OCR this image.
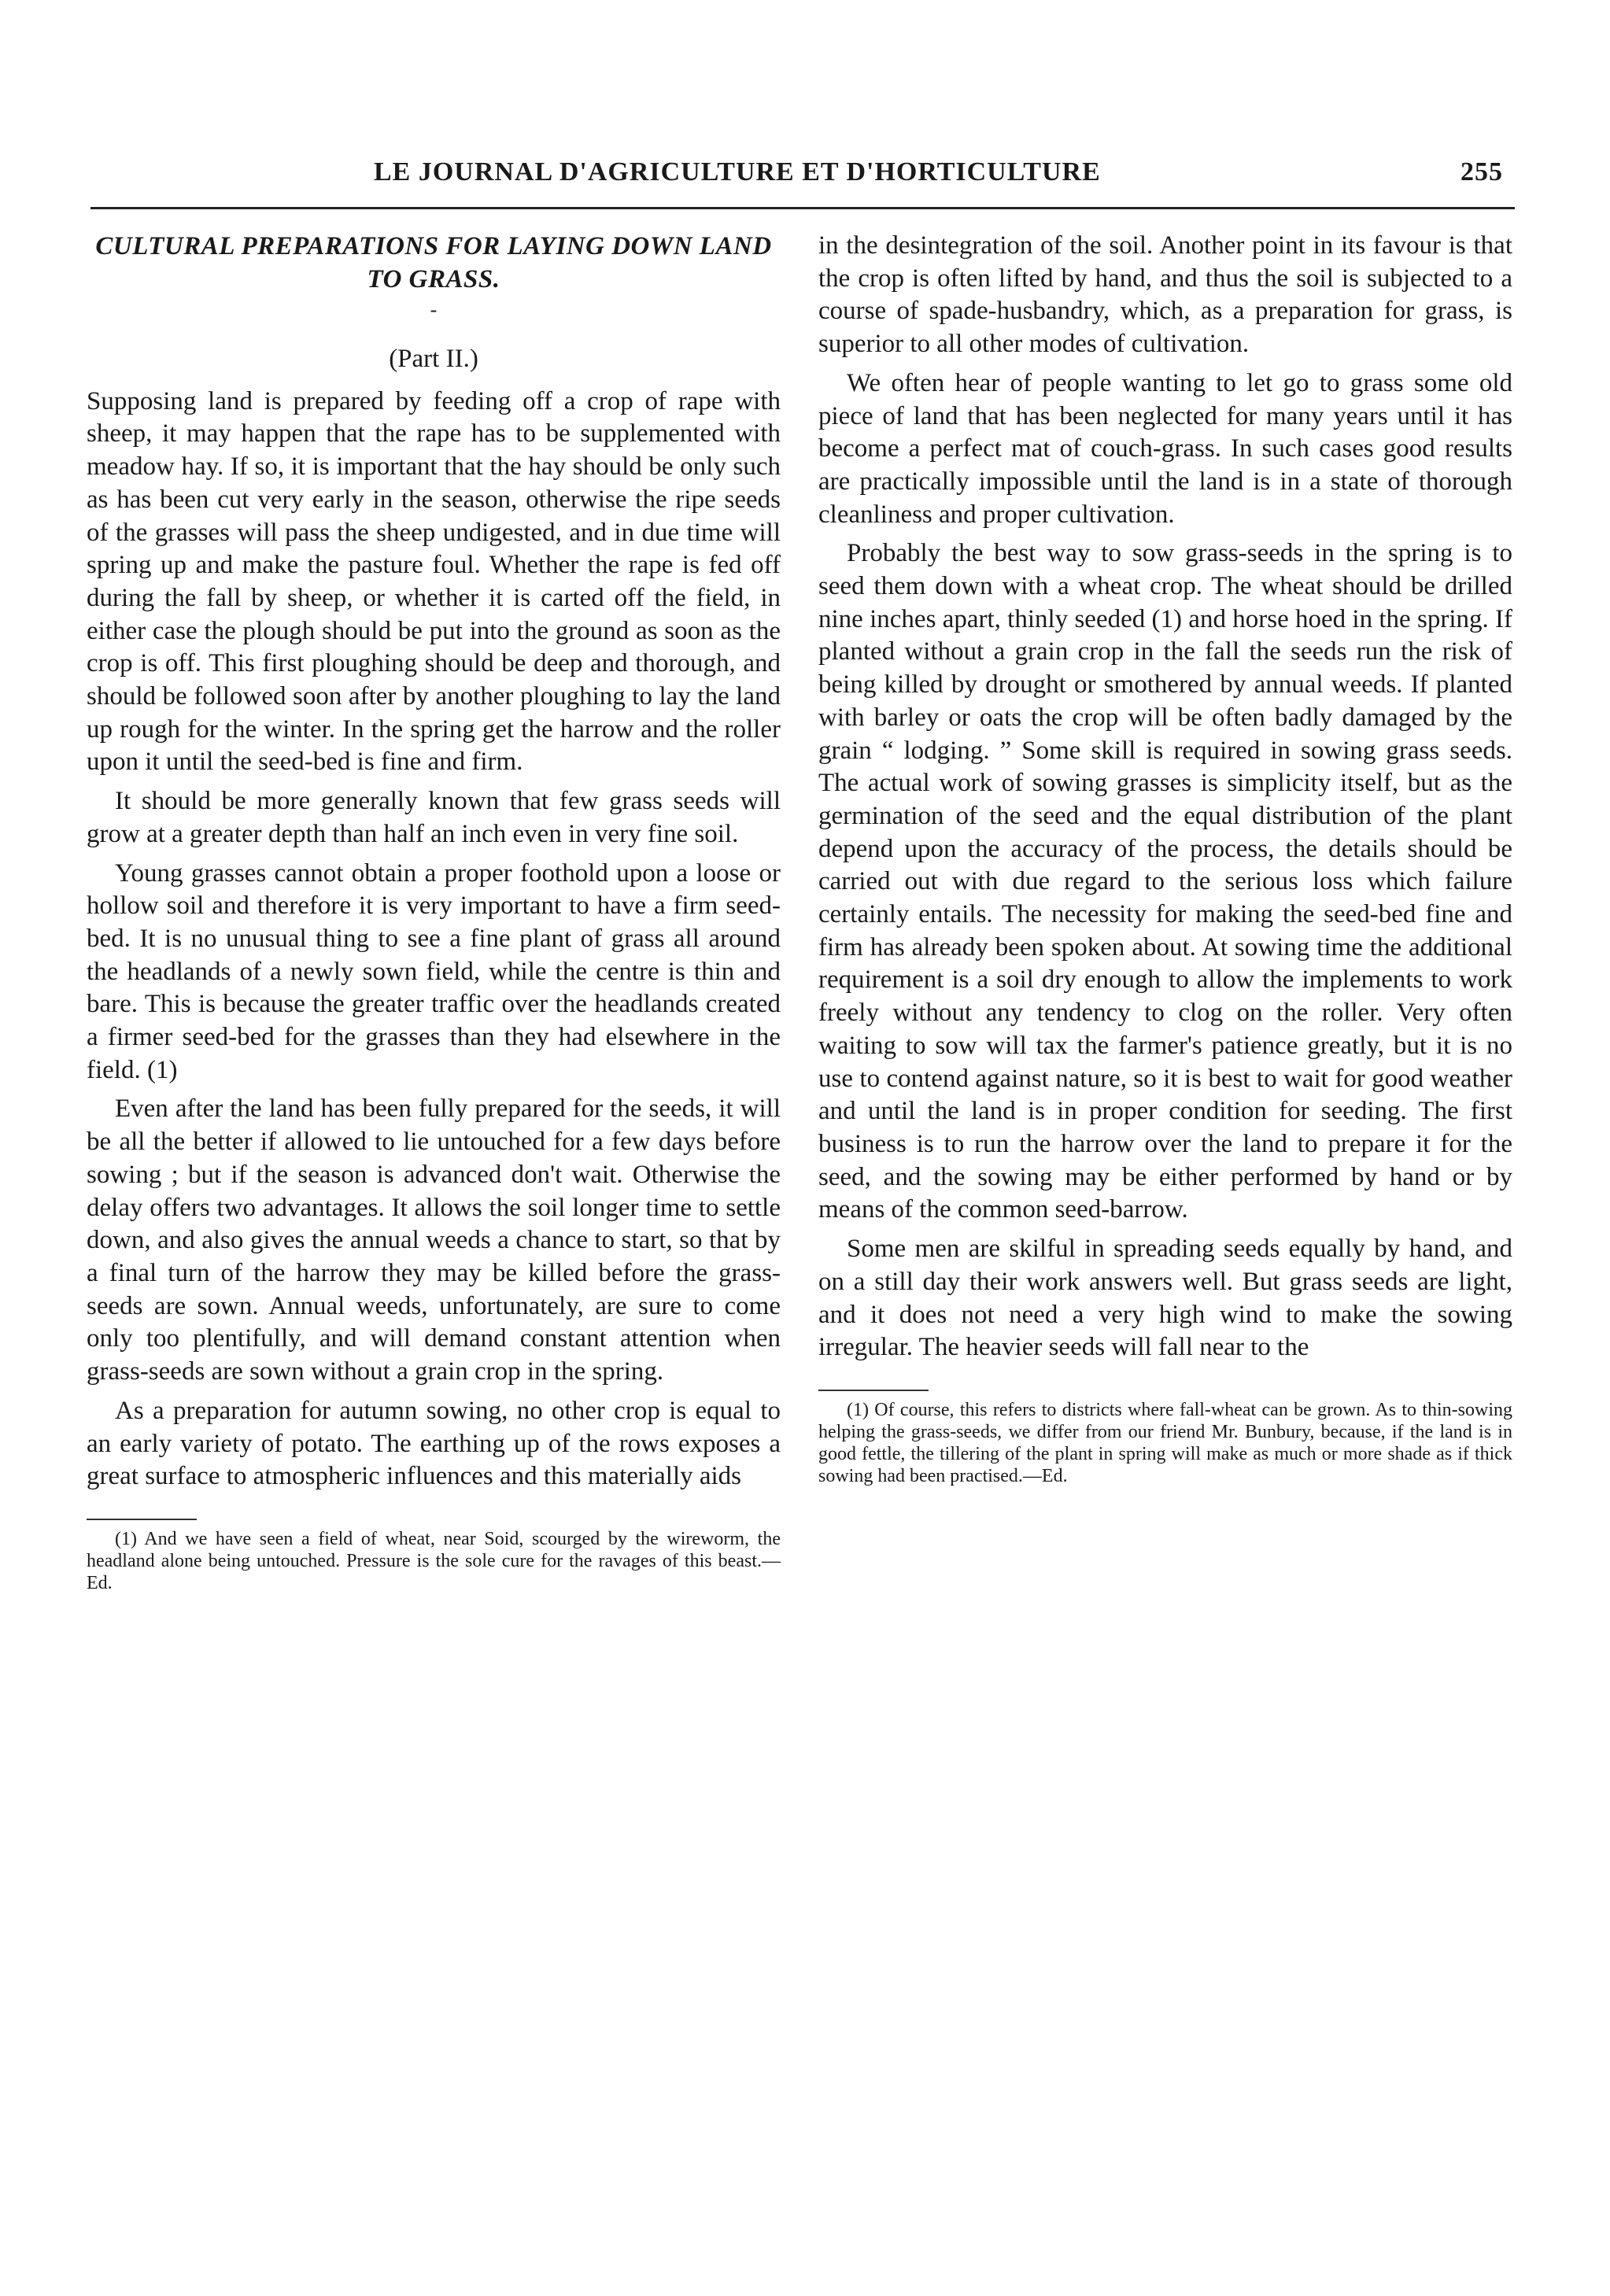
LE JOURNAL D'AGRICULTURE ET D'HORTICULTURE	255
CULTURAL PREPARATIONS FOR LAYING DOWN LAND TO GRASS.
-
(Part II.)

Supposing land is prepared by feeding off a crop of rape with sheep, it may happen that the rape has to be supplemented with meadow hay. If so, it is important that the hay should be only such as has been cut very early in the season, otherwise the ripe seeds of the grasses will pass the sheep undigested, and in due time will spring up and make the pasture foul. Whether the rape is fed off during the fall by sheep, or whether it is carted off the field, in either case the plough should be put into the ground as soon as the crop is off. This first ploughing should be deep and thorough, and should be followed soon after by another ploughing to lay the land up rough for the winter. In the spring get the harrow and the roller upon it until the seed-bed is fine and firm.

It should be more generally known that few grass seeds will grow at a greater depth than half an inch even in very fine soil.

Young grasses cannot obtain a proper foothold upon a loose or hollow soil and therefore it is very important to have a firm seed-bed. It is no unusual thing to see a fine plant of grass all around the headlands of a newly sown field, while the centre is thin and bare. This is because the greater traffic over the headlands created a firmer seed-bed for the grasses than they had elsewhere in the field. (1)

Even after the land has been fully prepared for the seeds, it will be all the better if allowed to lie untouched for a few days before sowing ; but if the season is advanced don't wait. Otherwise the delay offers two advantages. It allows the soil longer time to settle down, and also gives the annual weeds a chance to start, so that by a final turn of the harrow they may be killed before the grass-seeds are sown. Annual weeds, unfortunately, are sure to come only too plentifully, and will demand constant attention when grass-seeds are sown without a grain crop in the spring.

As a preparation for autumn sowing, no other crop is equal to an early variety of potato. The earthing up of the rows exposes a great surface to atmospheric influences and this materially aids

(1) And we have seen a field of wheat, near Soid, scourged by the wireworm, the headland alone being untouched. Pressure is the sole cure for the ravages of this beast.—Ed.

in the desintegration of the soil. Another point in its favour is that the crop is often lifted by hand, and thus the soil is subjected to a course of spade-husbandry, which, as a preparation for grass, is superior to all other modes of cultivation.

We often hear of people wanting to let go to grass some old piece of land that has been neglected for many years until it has become a perfect mat of couch-grass. In such cases good results are practically impossible until the land is in a state of thorough cleanliness and proper cultivation.

Probably the best way to sow grass-seeds in the spring is to seed them down with a wheat crop. The wheat should be drilled nine inches apart, thinly seeded (1) and horse hoed in the spring. If planted without a grain crop in the fall the seeds run the risk of being killed by drought or smothered by annual weeds. If planted with barley or oats the crop will be often badly damaged by the grain “ lodging. ” Some skill is required in sowing grass seeds. The actual work of sowing grasses is simplicity itself, but as the germination of the seed and the equal distribution of the plant depend upon the accuracy of the process, the details should be carried out with due regard to the serious loss which failure certainly entails. The necessity for making the seed-bed fine and firm has already been spoken about. At sowing time the additional requirement is a soil dry enough to allow the implements to work freely without any tendency to clog on the roller. Very often waiting to sow will tax the farmer's patience greatly, but it is no use to contend against nature, so it is best to wait for good weather and until the land is in proper condition for seeding. The first business is to run the harrow over the land to prepare it for the seed, and the sowing may be either performed by hand or by means of the common seed-barrow.

Some men are skilful in spreading seeds equally by hand, and on a still day their work answers well. But grass seeds are light, and it does not need a very high wind to make the sowing irregular. The heavier seeds will fall near to the

(1) Of course, this refers to districts where fall-wheat can be grown. As to thin-sowing helping the grass-seeds, we differ from our friend Mr. Bunbury, because, if the land is in good fettle, the tillering of the plant in spring will make as much or more shade as if thick sowing had been practised.—Ed.
